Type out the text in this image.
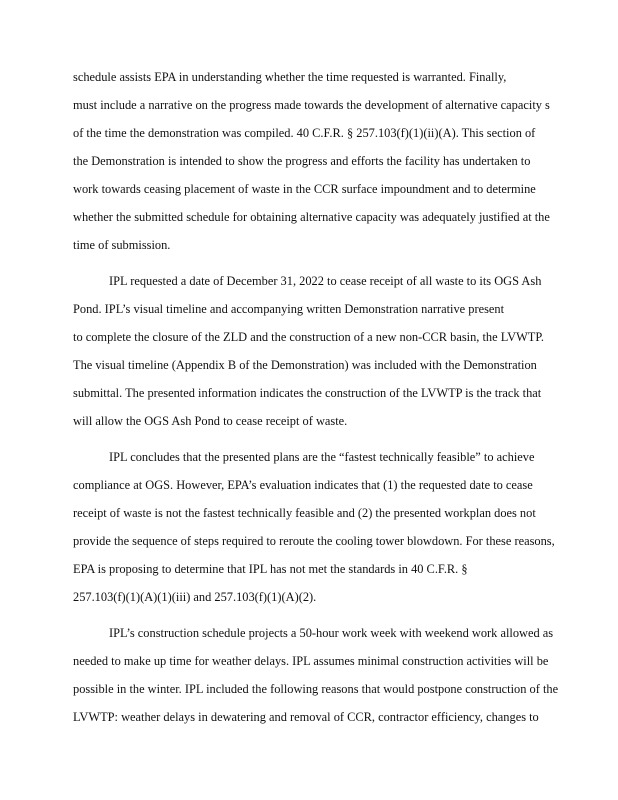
schedule assists EPA in understanding whether the time requested is warranted. Finally,
must include a narrative on the progress made towards the development of alternative capacity s
of the time the demonstration was compiled. 40 C.F.R. § 257.103(f)(1)(ii)(A). This section of
the Demonstration is intended to show the progress and efforts the facility has undertaken to
work towards ceasing placement of waste in the CCR surface impoundment and to determine
whether the submitted schedule for obtaining alternative capacity was adequately justified at the
time of submission.
IPL requested a date of December 31, 2022 to cease receipt of all waste to its OGS Ash
Pond. IPL’s visual timeline and accompanying written Demonstration narrative present
to complete the closure of the ZLD and the construction of a new non-CCR basin, the LVWTP.
The visual timeline (Appendix B of the Demonstration) was included with the Demonstration
submittal. The presented information indicates the construction of the LVWTP is the track that
will allow the OGS Ash Pond to cease receipt of waste.
IPL concludes that the presented plans are the “fastest technically feasible” to achieve
compliance at OGS. However, EPA’s evaluation indicates that (1) the requested date to cease
receipt of waste is not the fastest technically feasible and (2) the presented workplan does not
provide the sequence of steps required to reroute the cooling tower blowdown. For these reasons,
EPA is proposing to determine that IPL has not met the standards in 40 C.F.R. §
257.103(f)(1)(A)(1)(iii) and 257.103(f)(1)(A)(2).
IPL’s construction schedule projects a 50-hour work week with weekend work allowed as
needed to make up time for weather delays. IPL assumes minimal construction activities will be
possible in the winter. IPL included the following reasons that would postpone construction of the
LVWTP: weather delays in dewatering and removal of CCR, contractor efficiency, changes to
